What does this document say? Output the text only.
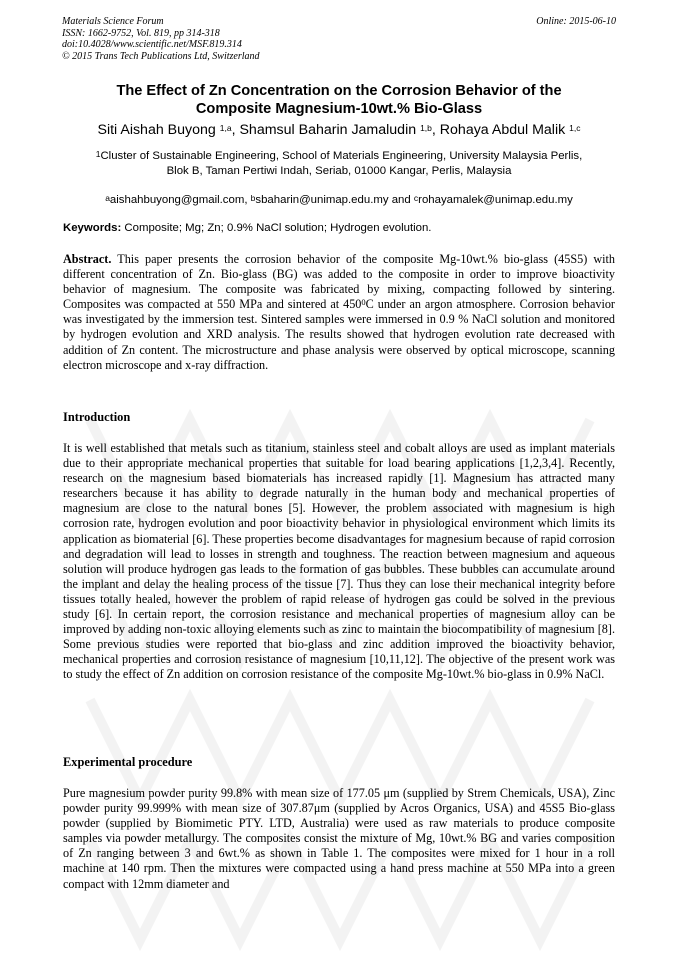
Materials Science Forum
ISSN: 1662-9752, Vol. 819, pp 314-318
doi:10.4028/www.scientific.net/MSF.819.314
© 2015 Trans Tech Publications Ltd, Switzerland
Online: 2015-06-10
The Effect of Zn Concentration on the Corrosion Behavior of the
Composite Magnesium-10wt.% Bio-Glass
Siti Aishah Buyong $^{1,a}$, Shamsul Baharin Jamaludin $^{1,b}$, Rohaya Abdul Malik $^{1,c}$
$^1$Cluster of Sustainable Engineering, School of Materials Engineering, University Malaysia Perlis,
Blok B, Taman Pertiwi Indah, Seriab, 01000 Kangar, Perlis, Malaysia
$^a$aishahbuyong@gmail.com, $^b$sbaharin@unimap.edu.my and $^c$rohayamalek@unimap.edu.my
Keywords: Composite; Mg; Zn; 0.9% NaCl solution; Hydrogen evolution.
Abstract. This paper presents the corrosion behavior of the composite Mg-10wt.% bio-glass (45S5) with different concentration of Zn. Bio-glass (BG) was added to the composite in order to improve bioactivity behavior of magnesium. The composite was fabricated by mixing, compacting followed by sintering. Composites was compacted at 550 MPa and sintered at $450^0C$ under an argon atmosphere. Corrosion behavior was investigated by the immersion test. Sintered samples were immersed in 0.9 % NaCl solution and monitored by hydrogen evolution and XRD analysis. The results showed that hydrogen evolution rate decreased with addition of Zn content. The microstructure and phase analysis were observed by optical microscope, scanning electron microscope and x-ray diffraction.
Introduction
It is well established that metals such as titanium, stainless steel and cobalt alloys are used as implant materials due to their appropriate mechanical properties that suitable for load bearing applications [1,2,3,4]. Recently, research on the magnesium based biomaterials has increased rapidly [1]. Magnesium has attracted many researchers because it has ability to degrade naturally in the human body and mechanical properties of magnesium are close to the natural bones [5]. However, the problem associated with magnesium is high corrosion rate, hydrogen evolution and poor bioactivity behavior in physiological environment which limits its application as biomaterial [6]. These properties become disadvantages for magnesium because of rapid corrosion and degradation will lead to losses in strength and toughness. The reaction between magnesium and aqueous solution will produce hydrogen gas leads to the formation of gas bubbles. These bubbles can accumulate around the implant and delay the healing process of the tissue [7]. Thus they can lose their mechanical integrity before tissues totally healed, however the problem of rapid release of hydrogen gas could be solved in the previous study [6]. In certain report, the corrosion resistance and mechanical properties of magnesium alloy can be improved by adding non-toxic alloying elements such as zinc to maintain the biocompatibility of magnesium [8]. Some previous studies were reported that bio-glass and zinc addition improved the bioactivity behavior, mechanical properties and corrosion resistance of magnesium [10,11,12]. The objective of the present work was to study the effect of Zn addition on corrosion resistance of the composite Mg-10wt.% bio-glass in 0.9% NaCl.
Experimental procedure
Pure magnesium powder purity 99.8% with mean size of 177.05 μm (supplied by Strem Chemicals, USA), Zinc powder purity 99.999% with mean size of 307.87μm (supplied by Acros Organics, USA) and 45S5 Bio-glass powder (supplied by Biomimetic PTY. LTD, Australia) were used as raw materials to produce composite samples via powder metallurgy. The composites consist the mixture of Mg, 10wt.% BG and varies composition of Zn ranging between 3 and 6wt.% as shown in Table 1. The composites were mixed for 1 hour in a roll machine at 140 rpm. Then the mixtures were compacted using a hand press machine at 550 MPa into a green compact with 12mm diameter and
